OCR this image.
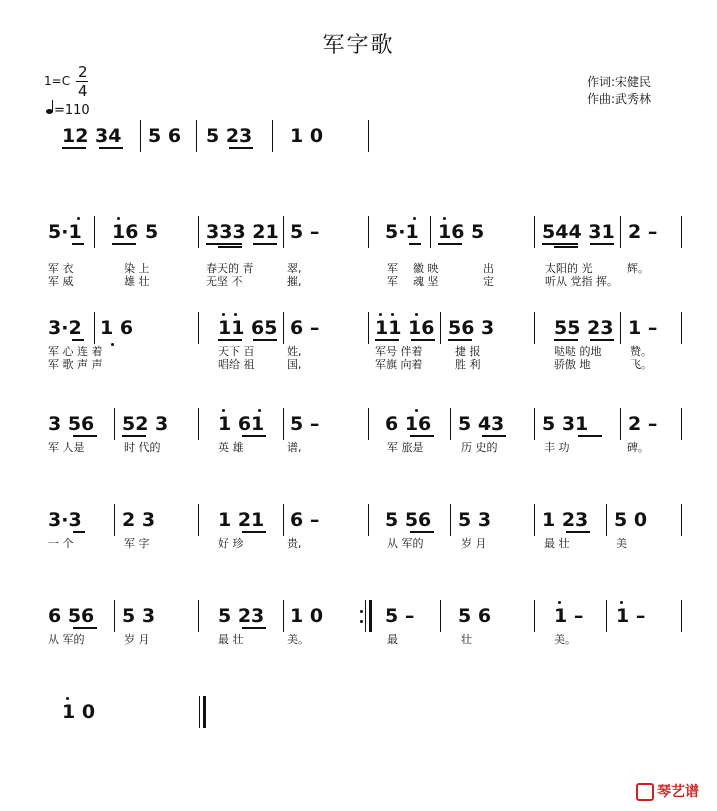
军字歌
1=C 2
4
=110
作词:宋健民
作曲:武秀林
12 34 5 6 5 23 1 0
5·1 16 5	333 21 5 –	5·1 16 5	544 31 2 –
军 衣	染 上	春天的 青	翠,	军 徽 映	出	太阳的 光	辉。
军 威	雄 壮	无坚 不	摧,	军 魂 坚	定	听从 党指 挥。
3·2 1 6	11 65 6 –	11 16 56 3	55 23 1 –
军 心 连 着	天下 百	姓,	军号 伴着	捷 报	哒哒 的地	赞。
军 歌 声 声	唱给 祖	国,	军旗 向着	胜 利	骄傲 地	飞。
3 56 52 3	1 61 5 –	6 16 5 43 5 31 2 –
军 人是	时 代的	英 雄	谱,	军 旅是	历 史的	丰 功	碑。
3·3 2 3	1 21 6 –	5 56 5 3	1 23 5 0
一 个	军 字	好 珍	贵,	从 军的	岁 月	最 壮	美
6 56 5 3	5 23 1 0	5 – 5 6	1 – 1 –
从 军的	岁 月	最 壮	美。	最	壮	美。
1 0
琴艺谱
